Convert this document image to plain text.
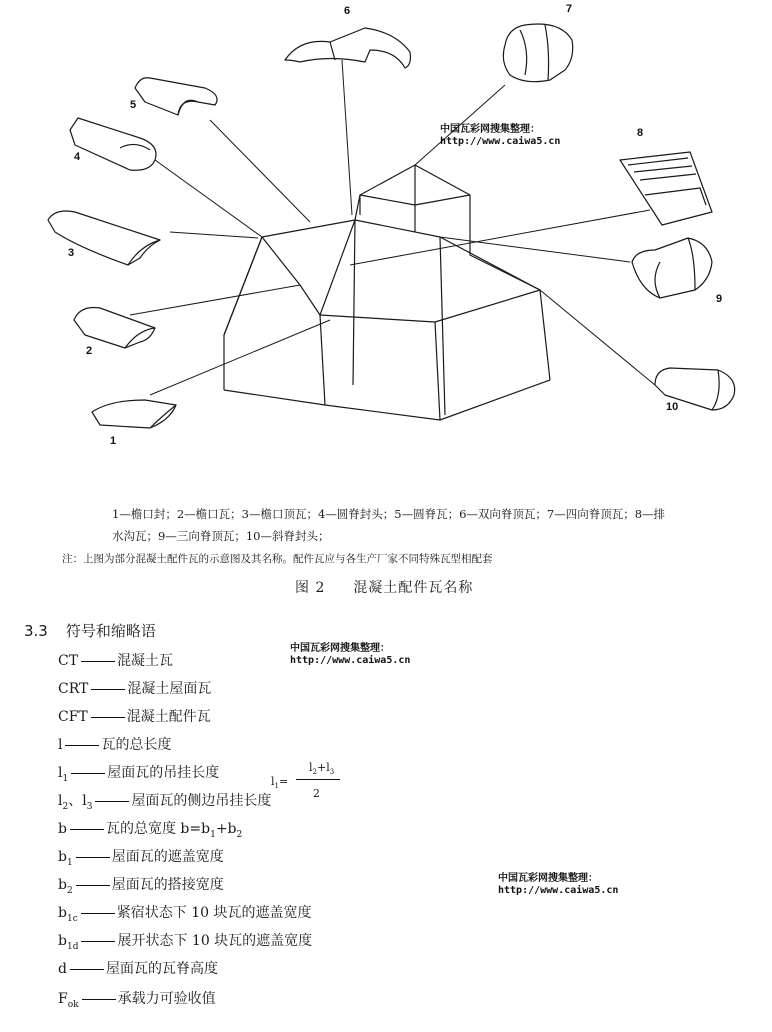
1
2
3
4
5
6	7
8
9
10
中国瓦彩网搜集整理：
http://www.caiwa5.cn
中国瓦彩网搜集整理：
http://www.caiwa5.cn
中国瓦彩网搜集整理：
http://www.caiwa5.cn
1—檐口封；2—檐口瓦；3—檐口顶瓦；4—圆脊封头；5—圆脊瓦；6—双向脊顶瓦；7—四向脊顶瓦；8—排
水沟瓦；9—三向脊顶瓦；10—斜脊封头；
注：上图为部分混凝土配件瓦的示意图及其名称。配件瓦应与各生产厂家不同特殊瓦型相配套
图 2 混凝土配件瓦名称
3.3 符号和缩略语
CT	混凝土瓦
CRT	混凝土屋面瓦
CFT	混凝土配件瓦
l	瓦的总长度
$l_1$	屋面瓦的吊挂长度
$l_2$、$l_3$	屋面瓦的侧边吊挂长度
b	瓦的总宽度 $b=b_1+b_2$
$b_1$	屋面瓦的遮盖宽度
$b_2$	屋面瓦的搭接宽度
$b_{1c}$	紧宿状态下 10 块瓦的遮盖宽度
$b_{1d}$	展开状态下 10 块瓦的遮盖宽度
d	屋面瓦的瓦脊高度
$F_{ok}$	承载力可验收值
$l_1=$
$l_2+l_3$
2
